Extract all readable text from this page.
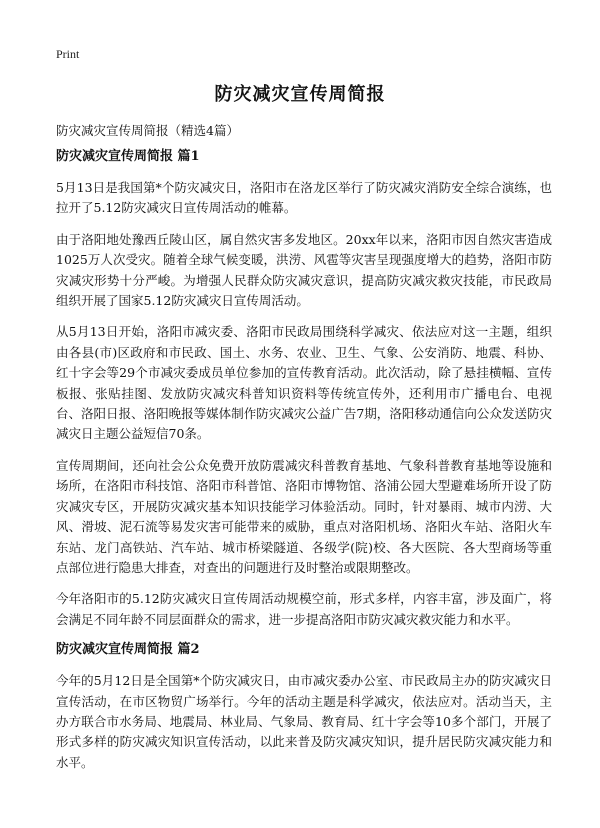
Print
防灾减灾宣传周简报

防灾减灾宣传周简报（精选4篇）

防灾减灾宣传周简报 篇1

5月13日是我国第*个防灾减灾日，洛阳市在洛龙区举行了防灾减灾消防安全综合演练，也拉开了5.12防灾减灾日宣传周活动的帷幕。

由于洛阳地处豫西丘陵山区，属自然灾害多发地区。20xx年以来，洛阳市因自然灾害造成1025万人次受灾。随着全球气候变暖，洪涝、风雹等灾害呈现强度增大的趋势，洛阳市防灾减灾形势十分严峻。为增强人民群众防灾减灾意识，提高防灾减灾救灾技能，市民政局组织开展了国家5.12防灾减灾日宣传周活动。

从5月13日开始，洛阳市减灾委、洛阳市民政局围绕科学减灾、依法应对这一主题，组织由各县(市)区政府和市民政、国土、水务、农业、卫生、气象、公安消防、地震、科协、红十字会等29个市减灾委成员单位参加的宣传教育活动。此次活动，除了悬挂横幅、宣传板报、张贴挂图、发放防灾减灾科普知识资料等传统宣传外，还利用市广播电台、电视台、洛阳日报、洛阳晚报等媒体制作防灾减灾公益广告7期，洛阳移动通信向公众发送防灾减灾日主题公益短信70条。

宣传周期间，还向社会公众免费开放防震减灾科普教育基地、气象科普教育基地等设施和场所，在洛阳市科技馆、洛阳市科普馆、洛阳市博物馆、洛浦公园大型避难场所开设了防灾减灾专区，开展防灾减灾基本知识技能学习体验活动。同时，针对暴雨、城市内涝、大风、滑坡、泥石流等易发灾害可能带来的威胁，重点对洛阳机场、洛阳火车站、洛阳火车东站、龙门高铁站、汽车站、城市桥梁隧道、各级学(院)校、各大医院、各大型商场等重点部位进行隐患大排查，对查出的问题进行及时整治或限期整改。

今年洛阳市的5.12防灾减灾日宣传周活动规模空前，形式多样，内容丰富，涉及面广，将会满足不同年龄不同层面群众的需求，进一步提高洛阳市防灾减灾救灾能力和水平。

防灾减灾宣传周简报 篇2

今年的5月12日是全国第*个防灾减灾日，由市减灾委办公室、市民政局主办的防灾减灾日宣传活动，在市区物贸广场举行。今年的活动主题是科学减灾，依法应对。活动当天，主办方联合市水务局、地震局、林业局、气象局、教育局、红十字会等10多个部门，开展了形式多样的防灾减灾知识宣传活动，以此来普及防灾减灾知识，提升居民防灾减灾能力和水平。
